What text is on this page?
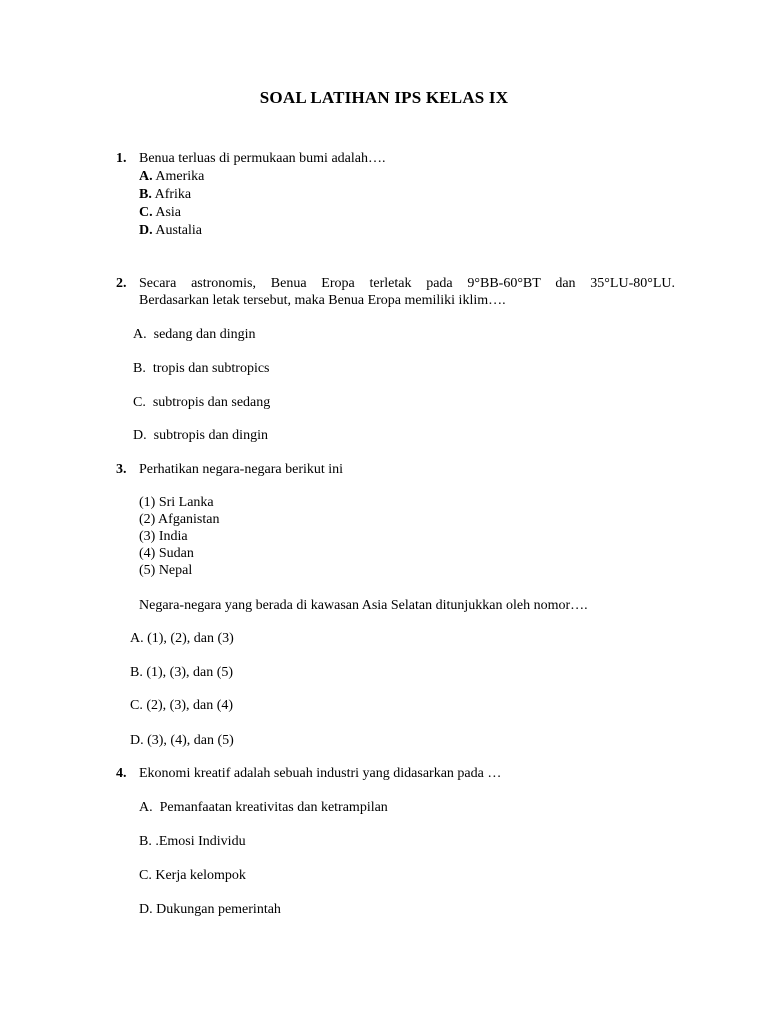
SOAL LATIHAN IPS KELAS IX
1. Benua terluas di permukaan bumi adalah….
A. Amerika
B. Afrika
C. Asia
D. Austalia
2. Secara astronomis, Benua Eropa terletak pada 9°BB-60°BT dan 35°LU-80°LU.
Berdasarkan letak tersebut, maka Benua Eropa memiliki iklim….
A. sedang dan dingin
B. tropis dan subtropics
C. subtropis dan sedang
D. subtropis dan dingin
3. Perhatikan negara-negara berikut ini
(1) Sri Lanka
(2) Afganistan
(3) India
(4) Sudan
(5) Nepal
Negara-negara yang berada di kawasan Asia Selatan ditunjukkan oleh nomor….
A. (1), (2), dan (3)
B. (1), (3), dan (5)
C. (2), (3), dan (4)
D. (3), (4), dan (5)
4. Ekonomi kreatif adalah sebuah industri yang didasarkan pada …
A. Pemanfaatan kreativitas dan ketrampilan
B. .Emosi Individu
C. Kerja kelompok
D. Dukungan pemerintah
